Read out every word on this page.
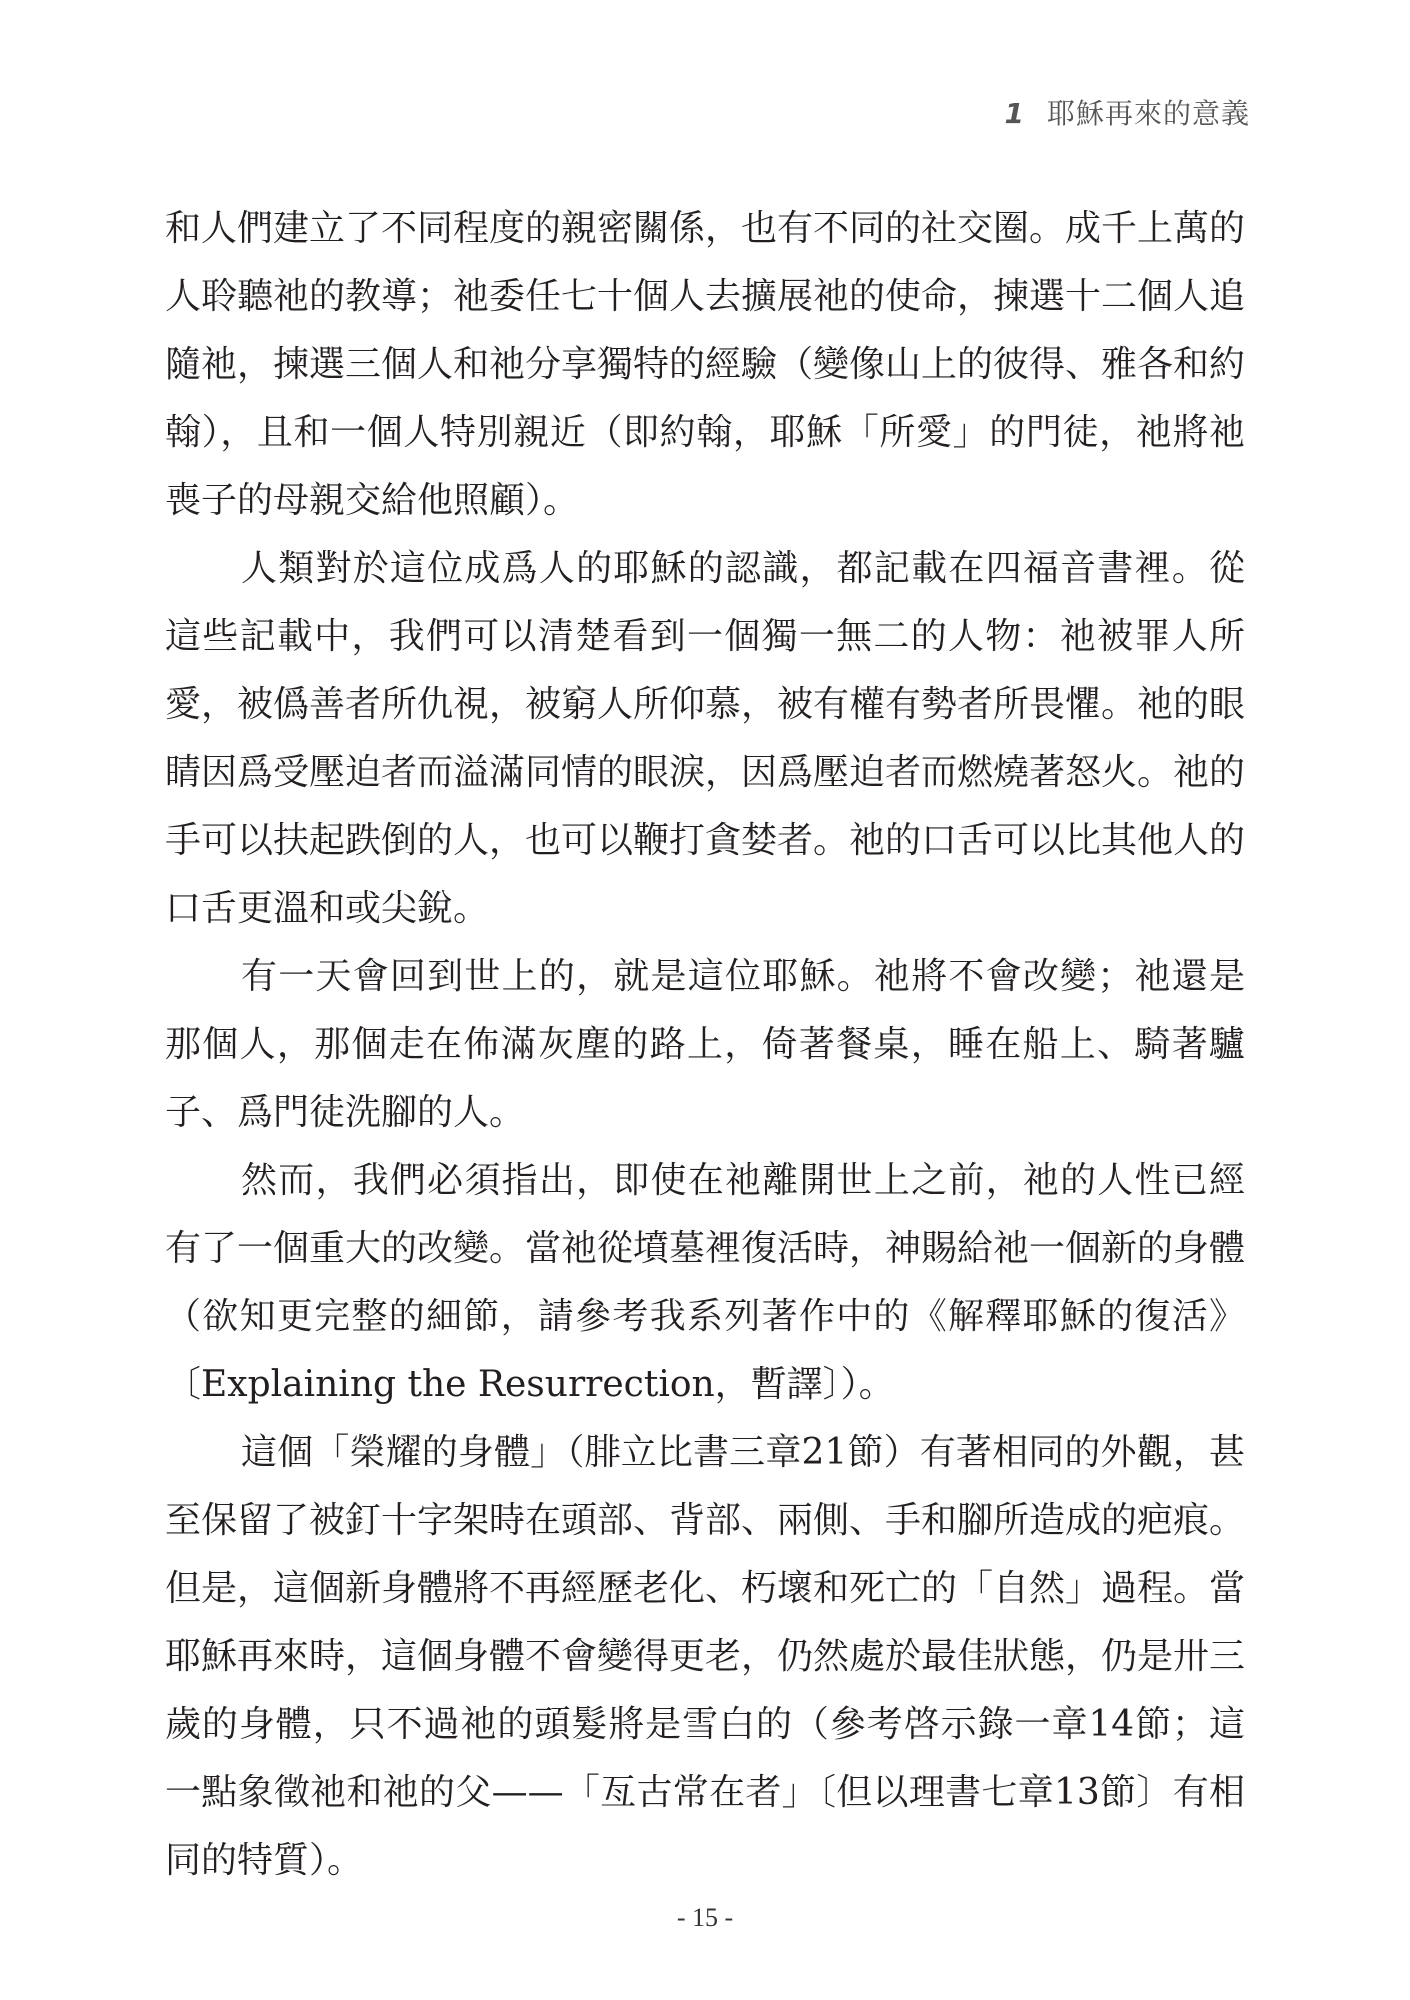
1 耶穌再來的意義

和人們建立了不同程度的親密關係，也有不同的社交圈。成千上萬的人聆聽祂的教導；祂委任七十個人去擴展祂的使命，揀選十二個人追隨祂，揀選三個人和祂分享獨特的經驗（變像山上的彼得、雅各和約翰），且和一個人特別親近（即約翰，耶穌「所愛」的門徒，祂將祂喪子的母親交給他照顧）。

人類對於這位成爲人的耶穌的認識，都記載在四福音書裡。從這些記載中，我們可以清楚看到一個獨一無二的人物：祂被罪人所愛，被僞善者所仇視，被窮人所仰慕，被有權有勢者所畏懼。祂的眼睛因爲受壓迫者而溢滿同情的眼淚，因爲壓迫者而燃燒著怒火。祂的手可以扶起跌倒的人，也可以鞭打貪婪者。祂的口舌可以比其他人的口舌更溫和或尖銳。

有一天會回到世上的，就是這位耶穌。祂將不會改變；祂還是那個人，那個走在佈滿灰塵的路上，倚著餐桌，睡在船上、騎著驢子、爲門徒洗腳的人。

然而，我們必須指出，即使在祂離開世上之前，祂的人性已經有了一個重大的改變。當祂從墳墓裡復活時，神賜給祂一個新的身體（欲知更完整的細節，請參考我系列著作中的《解釋耶穌的復活》〔Explaining the Resurrection，暫譯〕）。

這個「榮耀的身體」（腓立比書三章21節）有著相同的外觀，甚至保留了被釘十字架時在頭部、背部、兩側、手和腳所造成的疤痕。但是，這個新身體將不再經歷老化、朽壞和死亡的「自然」過程。當耶穌再來時，這個身體不會變得更老，仍然處於最佳狀態，仍是卅三歲的身體，只不過祂的頭髮將是雪白的（參考啓示錄一章14節；這一點象徵祂和祂的父——「亙古常在者」〔但以理書七章13節〕有相同的特質）。

- 15 -
